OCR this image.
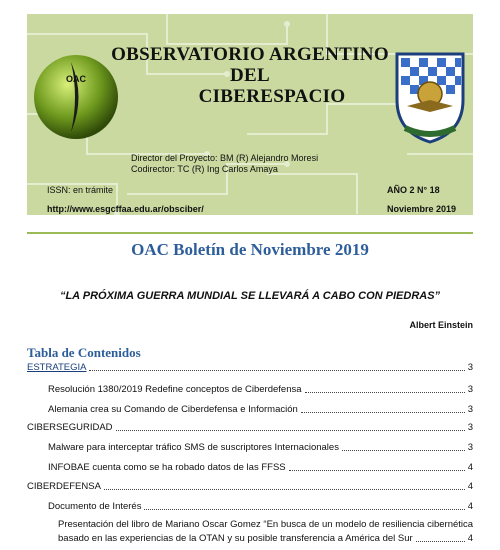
OAC
OBSERVATORIO ARGENTINO
DEL
CIBERESPACIO
Director del Proyecto: BM (R) Alejandro Moresi
Codirector: TC (R) Ing Carlos Amaya
ISSN: en trámite
http://www.esgcffaa.edu.ar/obsciber/
AÑO 2 N° 18
Noviembre 2019
OAC Boletín de Noviembre 2019
“LA PRÓXIMA GUERRA MUNDIAL SE LLEVARÁ A CABO CON PIEDRAS”
Albert Einstein
Tabla de Contenidos
ESTRATEGIA	3
Resolución 1380/2019 Redefine conceptos de Ciberdefensa	3
Alemania crea su Comando de Ciberdefensa e Información	3
CIBERSEGURIDAD	3
Malware para interceptar tráfico SMS de suscriptores Internacionales	3
INFOBAE cuenta como se ha robado datos de las FFSS	4
CIBERDEFENSA	4
Documento de Interés	4
Presentación del libro de Mariano Oscar Gomez “En busca de un modelo de resiliencia cibernética
basado en las experiencias de la OTAN y su posible transferencia a América del Sur	4
